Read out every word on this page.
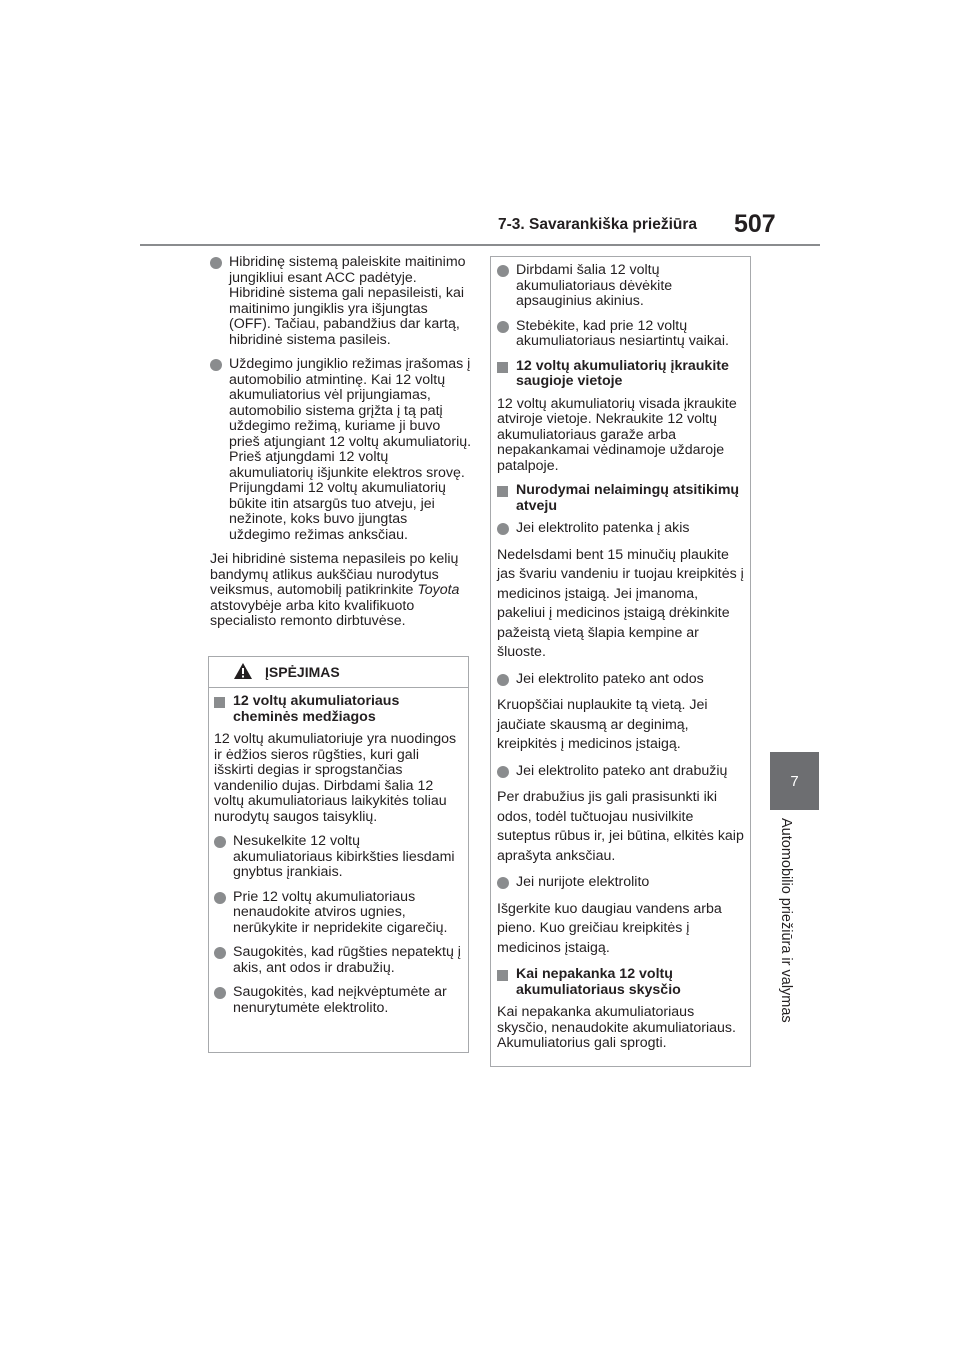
7-3. Savarankiška priežiūra 507
7
Automobilio priežiūra ir valymas
Hibridinę sistemą paleiskite maitinimo jungikliui esant ACC padėtyje. Hibridinė sistema gali nepasileisti, kai maitinimo jungiklis yra išjungtas (OFF). Tačiau, pabandžius dar kartą, hibridinė sistema pasileis.
Uždegimo jungiklio režimas įrašomas į automobilio atmintinę. Kai 12 voltų akumuliatorius vėl prijungiamas, automobilio sistema grįžta į tą patį uždegimo režimą, kuriame ji buvo prieš atjungiant 12 voltų akumuliatorių. Prieš atjungdami 12 voltų akumuliatorių išjunkite elektros srovę. Prijungdami 12 voltų akumuliatorių būkite itin atsargūs tuo atveju, jei nežinote, koks buvo įjungtas uždegimo režimas anksčiau.
Jei hibridinė sistema nepasileis po kelių bandymų atlikus aukščiau nurodytus veiksmus, automobilį patikrinkite Toyota atstovybėje arba kito kvalifikuoto specialisto remonto dirbtuvėse.
ĮSPĖJIMAS
12 voltų akumuliatoriaus cheminės medžiagos
12 voltų akumuliatoriuje yra nuodingos ir ėdžios sieros rūgšties, kuri gali išskirti degias ir sprogstančias vandenilio dujas. Dirbdami šalia 12 voltų akumuliatoriaus laikykitės toliau nurodytų saugos taisyklių.
Nesukelkite 12 voltų akumuliatoriaus kibirkšties liesdami gnybtus įrankiais.
Prie 12 voltų akumuliatoriaus nenaudokite atviros ugnies, nerūkykite ir nepridekite cigarečių.
Saugokitės, kad rūgšties nepatektų į akis, ant odos ir drabužių.
Saugokitės, kad neįkvėptumėte ar nenurytumėte elektrolito.
Dirbdami šalia 12 voltų akumuliatoriaus dėvėkite apsauginius akinius.
Stebėkite, kad prie 12 voltų akumuliatoriaus nesiartintų vaikai.
12 voltų akumuliatorių įkraukite saugioje vietoje
12 voltų akumuliatorių visada įkraukite atviroje vietoje. Nekraukite 12 voltų akumuliatoriaus garaže arba nepakankamai vėdinamoje uždaroje patalpoje.
Nurodymai nelaimingų atsitikimų atveju
Jei elektrolito patenka į akis
Nedelsdami bent 15 minučių plaukite jas švariu vandeniu ir tuojau kreipkitės į medicinos įstaigą. Jei įmanoma, pakeliui į medicinos įstaigą drėkinkite pažeistą vietą šlapia kempine ar šluoste.
Jei elektrolito pateko ant odos
Kruopščiai nuplaukite tą vietą. Jei jaučiate skausmą ar deginimą, kreipkitės į medicinos įstaigą.
Jei elektrolito pateko ant drabužių
Per drabužius jis gali prasisunkti iki odos, todėl tučtuojau nusivilkite suteptus rūbus ir, jei būtina, elkitės kaip aprašyta anksčiau.
Jei nurijote elektrolito
Išgerkite kuo daugiau vandens arba pieno. Kuo greičiau kreipkitės į medicinos įstaigą.
Kai nepakanka 12 voltų akumuliatoriaus skysčio
Kai nepakanka akumuliatoriaus skysčio, nenaudokite akumuliatoriaus. Akumuliatorius gali sprogti.
